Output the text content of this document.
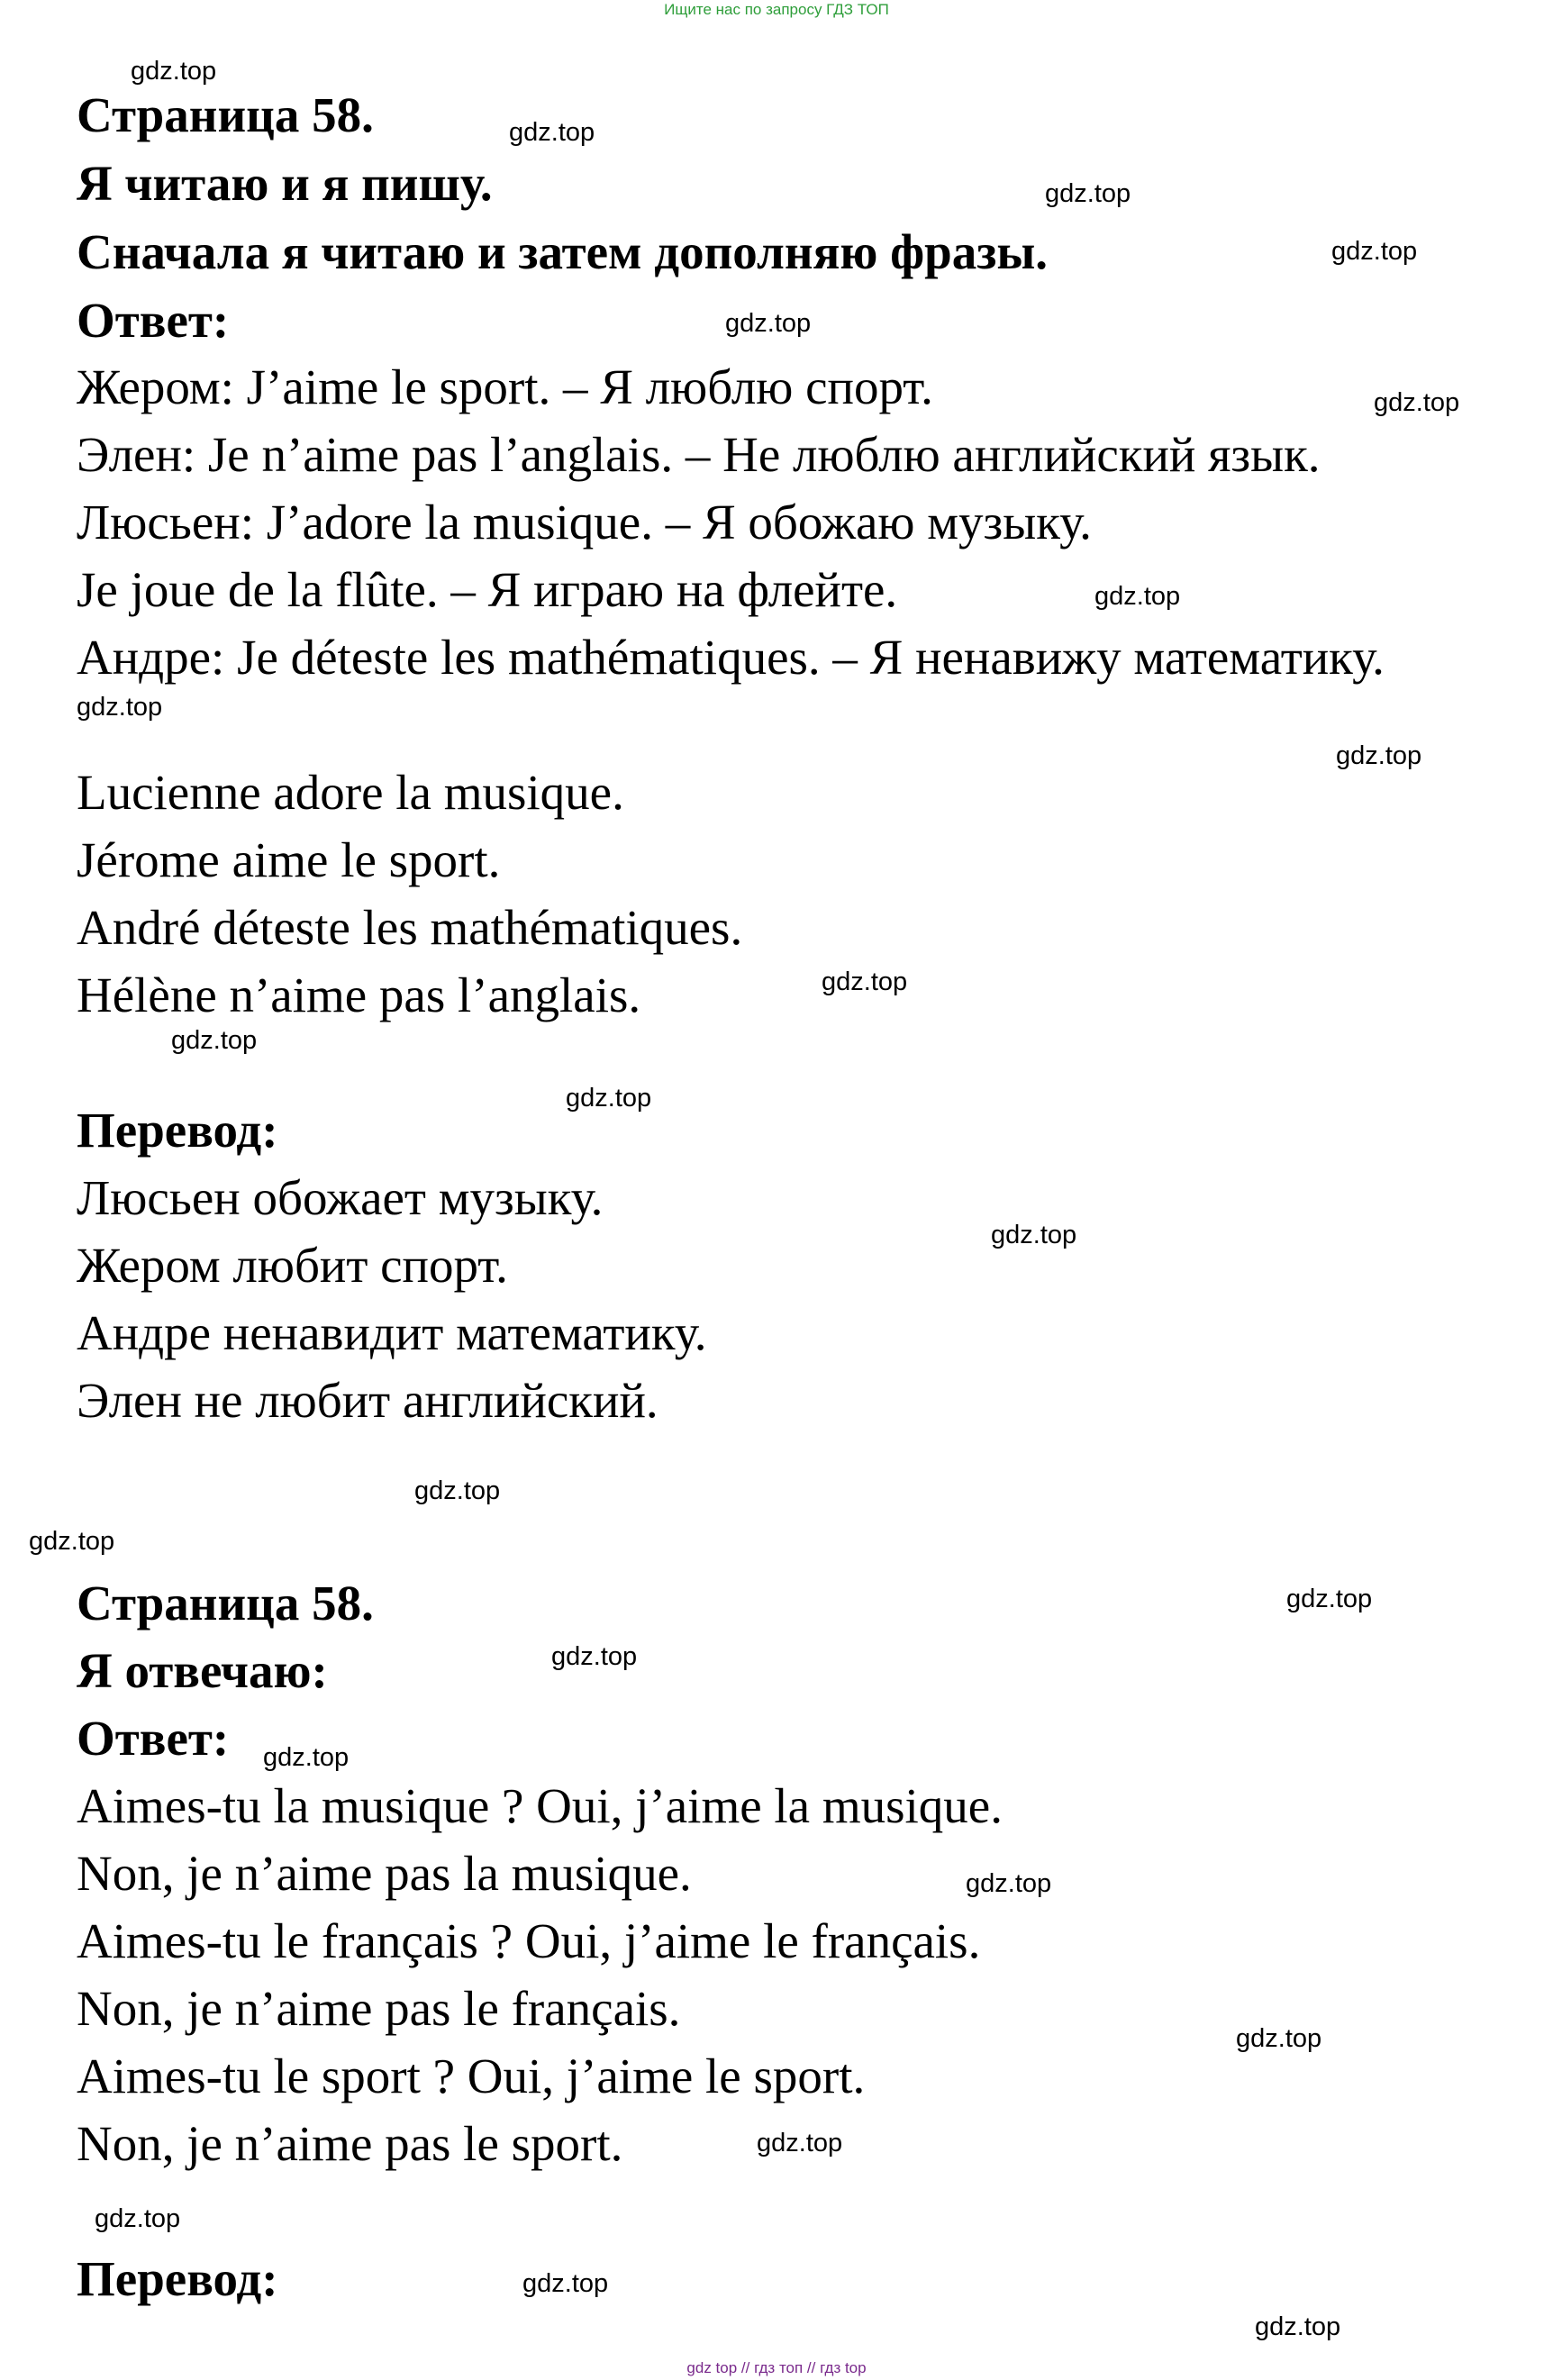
Ищите нас по запросу ГДЗ ТОП
Страница 58.
Я читаю и я пишу.
Сначала я читаю и затем дополняю фразы.
Ответ:
Жером: J’aime le sport. – Я люблю спорт.
Элен: Je n’aime pas l’anglais. – Не люблю английский язык.
Люсьен: J’adore la musique. – Я обожаю музыку.
Je joue de la flûte. – Я играю на флейте.
Андре: Je déteste les mathématiques. – Я ненавижу математику.
Lucienne adore la musique.
Jérome aime le sport.
André déteste les mathématiques.
Hélène n’aime pas l’anglais.
Перевод:
Люсьен обожает музыку.
Жером любит спорт.
Андре ненавидит математику.
Элен не любит английский.
Страница 58.
Я отвечаю:
Ответ:
Aimes-tu la musique ? Oui, j’aime la musique.
Non, je n’aime pas la musique.
Aimes-tu le français ? Oui, j’aime le français.
Non, je n’aime pas le français.
Aimes-tu le sport ? Oui, j’aime le sport.
Non, je n’aime pas le sport.
Перевод:
gdz.top
gdz.top
gdz.top
gdz.top
gdz.top
gdz.top
gdz.top
gdz.top
gdz.top
gdz.top
gdz.top
gdz.top
gdz.top
gdz.top
gdz.top
gdz.top
gdz.top
gdz.top
gdz.top
gdz.top
gdz.top
gdz.top
gdz.top
gdz.top
gdz top // гдз топ // гдз top
